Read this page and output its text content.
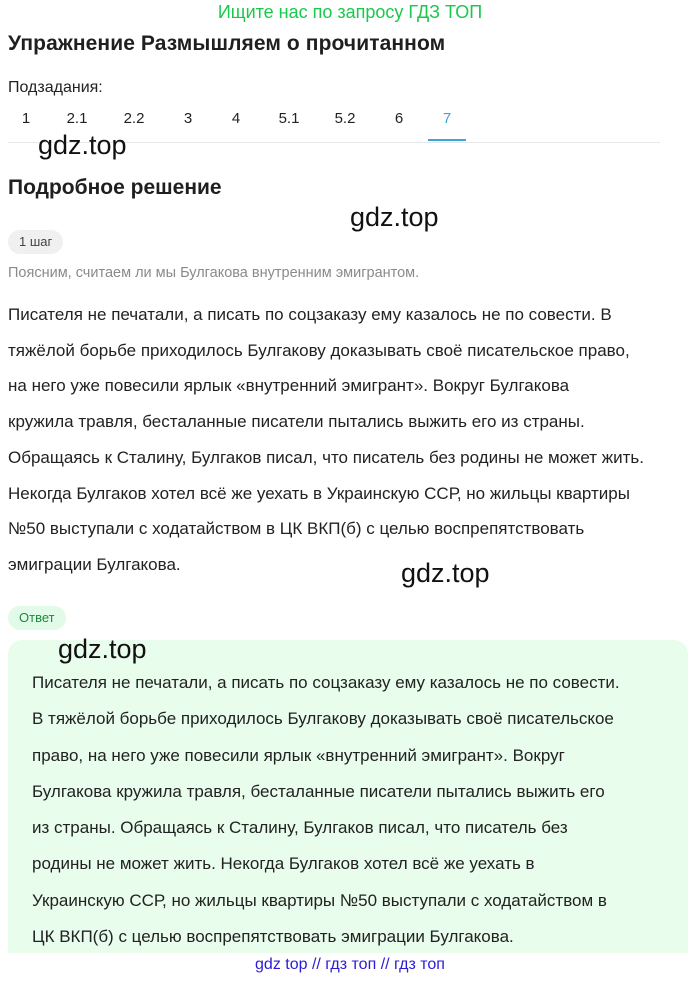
Ищите нас по запросу ГДЗ ТОП
Упражнение Размышляем о прочитанном
Подзадания:
1	2.1	2.2	3	4	5.1	5.2	6	7
gdz.top
Подробное решение
gdz.top
1 шаг
Поясним, считаем ли мы Булгакова внутренним эмигрантом.
Писателя не печатали, а писать по соцзаказу ему казалось не по совести. В
тяжёлой борьбе приходилось Булгакову доказывать своё писательское право,
на него уже повесили ярлык «внутренний эмигрант». Вокруг Булгакова
кружила травля, бесталанные писатели пытались выжить его из страны.
Обращаясь к Сталину, Булгаков писал, что писатель без родины не может жить.
Некогда Булгаков хотел всё же уехать в Украинскую ССР, но жильцы квартиры
№50 выступали с ходатайством в ЦК ВКП(б) с целью воспрепятствовать
эмиграции Булгакова.	gdz.top
Ответ
gdz.top
Писателя не печатали, а писать по соцзаказу ему казалось не по совести.
В тяжёлой борьбе приходилось Булгакову доказывать своё писательское
право, на него уже повесили ярлык «внутренний эмигрант». Вокруг
Булгакова кружила травля, бесталанные писатели пытались выжить его
из страны. Обращаясь к Сталину, Булгаков писал, что писатель без
родины не может жить. Некогда Булгаков хотел всё же уехать в
Украинскую ССР, но жильцы квартиры №50 выступали с ходатайством в
ЦК ВКП(б) с целью воспрепятствовать эмиграции Булгакова.
gdz top // гдз топ // гдз топ
